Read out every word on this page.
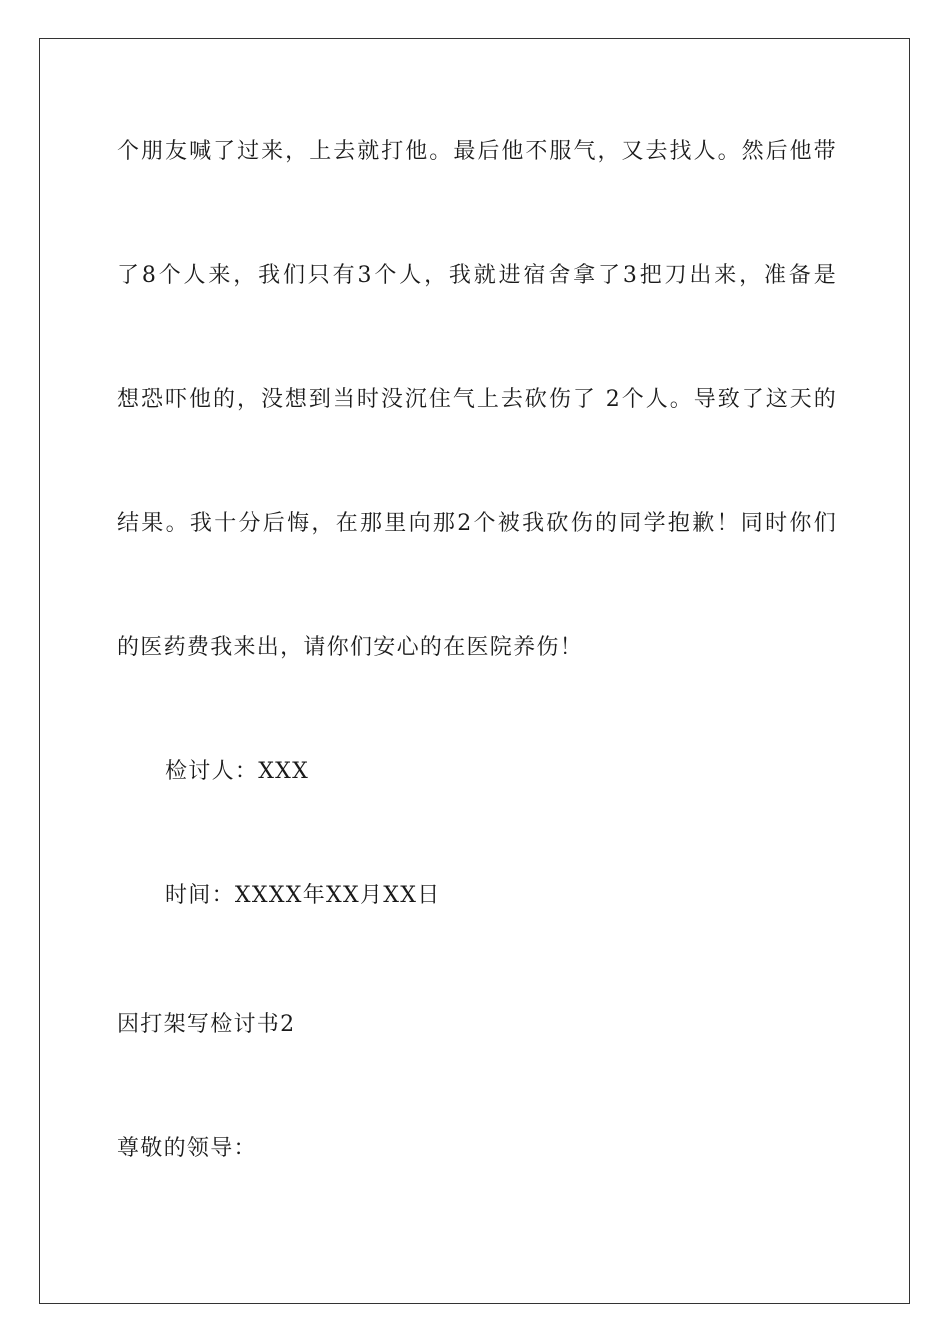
个朋友喊了过来，上去就打他。最后他不服气，又去找人。然后他带
了8个人来，我们只有3个人，我就进宿舍拿了3把刀出来，准备是
想恐吓他的，没想到当时没沉住气上去砍伤了 2个人。导致了这天的
结果。我十分后悔，在那里向那2个被我砍伤的同学抱歉！同时你们
的医药费我来出，请你们安心的在医院养伤！
检讨人：XXX
时间：XXXX年XX月XX日
因打架写检讨书2
尊敬的领导：
